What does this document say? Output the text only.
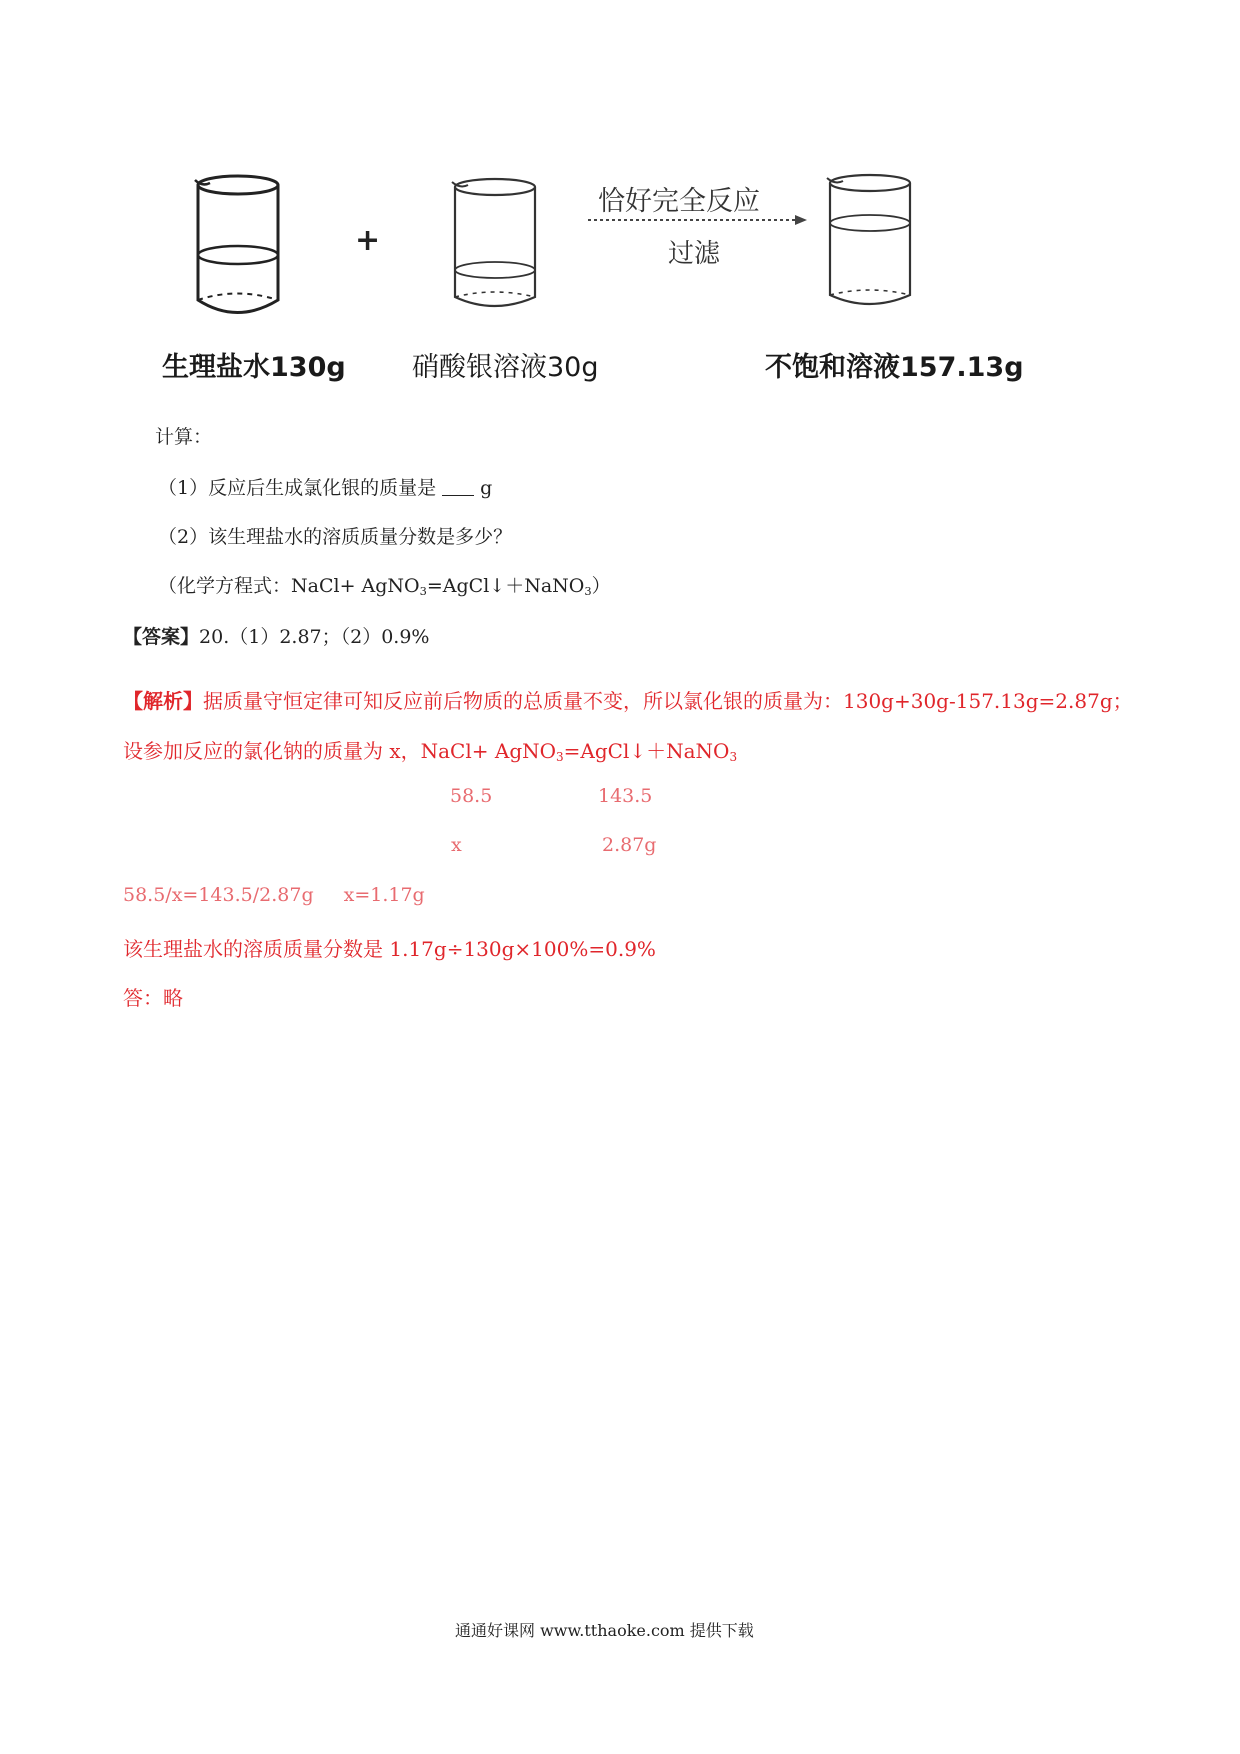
+
恰好完全反应
过滤
生理盐水130g 硝酸银溶液30g	不饱和溶液157.13g
计算：
（1）反应后生成氯化银的质量是 g
（2）该生理盐水的溶质质量分数是多少？
（化学方程式：NaCl+ AgNO$_3$=AgCl↓＋NaNO$_3$）
【答案】20.（1）2.87；（2）0.9%
【解析】据质量守恒定律可知反应前后物质的总质量不变，所以氯化银的质量为：130g+30g-157.13g=2.87g；
设参加反应的氯化钠的质量为 x，NaCl+ AgNO$_3$=AgCl↓＋NaNO$_3$
58.5	143.5
x	2.87g
58.5/x=143.5/2.87g x=1.17g
该生理盐水的溶质质量分数是 1.17g÷130g×100%=0.9%
答：略
通通好课网 www.tthaoke.com 提供下载
